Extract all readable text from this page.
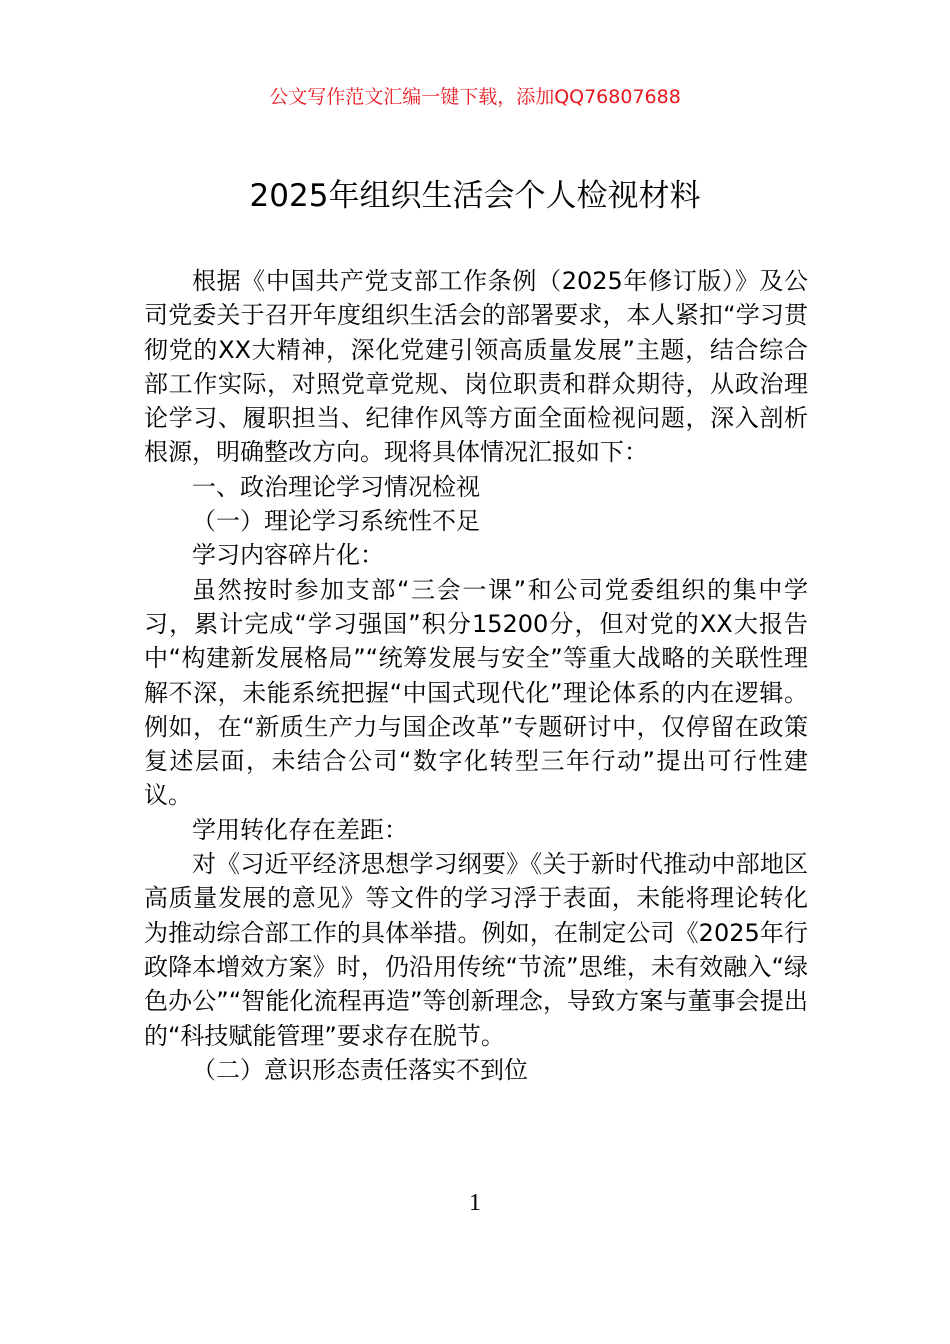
公文写作范文汇编一键下载，添加QQ76807688
2025年组织生活会个人检视材料

根据《中国共产党支部工作条例（2025年修订版）》及公司党委关于召开年度组织生活会的部署要求，本人紧扣“学习贯彻党的XX大精神，深化党建引领高质量发展”主题，结合综合部工作实际，对照党章党规、岗位职责和群众期待，从政治理论学习、履职担当、纪律作风等方面全面检视问题，深入剖析根源，明确整改方向。现将具体情况汇报如下：

一、政治理论学习情况检视

（一）理论学习系统性不足

学习内容碎片化：

虽然按时参加支部“三会一课”和公司党委组织的集中学习，累计完成“学习强国”积分15200分，但对党的XX大报告中“构建新发展格局”“统筹发展与安全”等重大战略的关联性理解不深，未能系统把握“中国式现代化”理论体系的内在逻辑。例如，在“新质生产力与国企改革”专题研讨中，仅停留在政策复述层面，未结合公司“数字化转型三年行动”提出可行性建议。

学用转化存在差距：

对《习近平经济思想学习纲要》《关于新时代推动中部地区高质量发展的意见》等文件的学习浮于表面，未能将理论转化为推动综合部工作的具体举措。例如，在制定公司《2025年行政降本增效方案》时，仍沿用传统“节流”思维，未有效融入“绿色办公”“智能化流程再造”等创新理念，导致方案与董事会提出的“科技赋能管理”要求存在脱节。

（二）意识形态责任落实不到位

1
